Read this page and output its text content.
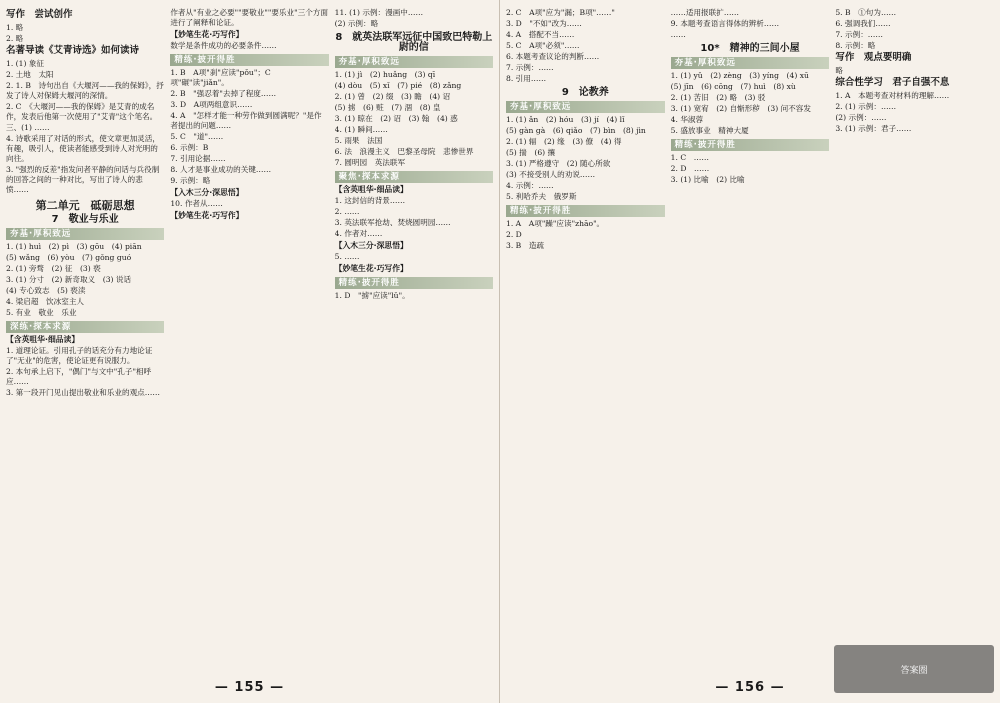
写作　尝试创作

1. 略

2. 略

名著导读《艾青诗选》如何读诗

1. (1) 象征

2. 土地　太阳

2. 1. B　诗句出自《大堰河——我的保姆》，抒发了诗人对保姆大堰河的深情。

2. C　《大堰河——我的保姆》是艾青的成名作，发表后他第一次使用了"艾青"这个笔名。

三、(1) ……

4. 诗歌采用了对话的形式，使文章更加灵活，有趣，吸引人，使读者能感受到诗人对光明的向往。

3. "强烈的反差"指发问者平静的问话与兵役制的回答之间的一种对比，写出了诗人的悲愤……

第二单元　砥砺思想
7　敬业与乐业
夯基·厚积致远

1. (1) huì　(2) pì　(3) gōu　(4) piān

(5) wǎng　(6) yòu　(7) gǒng guó

2. (1) 旁骛　(2) 征　(3) 亵

3. (1) 分寸　(2) 新奇取义　(3) 说话

(4) 专心致志　(5) 亵渎

4. 梁启超　饮冰室主人

5. 有业　敬业　乐业

深练·探本求源
【含英咀华·细品读】

1. 道理论证。引用孔子的话充分有力地论证了"无业"的危害，使论证更有说服力。

2. 本句承上启下，"偶门"与文中"孔子"相呼应……

3. 第一段开门见山提出敬业和乐业的观点……

作者从"有业之必要""要敬业""要乐业"三个方面进行了阐释和论证。

【妙笔生花·巧写作】

数学是条件成功的必要条件……

精练·披开得胜

1. B　A项"刹"应读"pǒu"；C项"碾"读"jiǎn"。

2. B　"强忍着"去掉了程度……

3. D　A项两组意识……

4. A　"怎样才能一种劳作做到圆满呢？"是作者提出的问题……

5. C　"道"……

6. 示例：B

7. 引用论据……

8. 人才是事业成功的关键……

9. 示例：略

【入木三分·深思悟】

10. 作者从……

【妙笔生花·巧写作】

11. (1) 示例：漫画中……

(2) 示例：略

8　就英法联军远征中国致巴特勒上尉的信
夯基·厚积致远

1. (1) jì　(2) huǎng　(3) qī

(4) dòu　(5) xǐ　(7) pié　(8) zǎng

2. (1) 曾　(2) 缀　(3) 瞻　(4) 诏

(5) 掳　(6) 赃　(7) 涸　(8) 皇

3. (1) 晾在　(2) 诏　(3) 翰　(4) 惑

4. (1) 瞬间……

5. 雨果　法国

6. 法　浪漫主义　巴黎圣母院　悲惨世界

7. 圆明园　英法联军

聚焦·探本求源
【含英咀华·细品读】

1. 这封信的背景……

2. ……

3. 英法联军抢劫、焚烧圆明园……

4. 作者对……

【入木三分·深思悟】

5. ……

【妙笔生花·巧写作】
精练·披开得胜

1. D　"掳"应读"lǔ"。

— 155 —

2. C　A项"应为"漏；B项"……"

3. D　"不如"改为……

4. A　搭配不当……

5. C　A项"必须"……

6. 本题考查议论的判断……

7. 示例：……

8. 引用……

9　论教养
夯基·厚积致远

1. (1) ǎn　(2) hóu　(3) jí　(4) lǐ

(5) gàn gà　(6) qiǎo　(7) bìn　(8) jìn

2. (1) 辐　(2) 缘　(3) 僚　(4) 得

(5) 揣　(6) 攘

3. (1) 严格遵守　(2) 随心所欲

(3) 不接受别人的劝说……

4. 示例：……

5. 利哈乔夫　俄罗斯

精练·披开得胜

1. A　A项"躁"应读"zhāo"。

2. D

3. B　造疏

……适用报联扩……

9. 本题考查语言得体的辨析……

……

10*　精神的三间小屋
夯基·厚积致远

1. (1) yǔ　(2) zèng　(3) yíng　(4) xū

(5) jīn　(6) cōng　(7) huì　(8) xù

2. (1) 苦旧　(2) 略　(3) 驳

3. (1) 宽宥　(2) 自惭形秽　(3) 问不容发

4. 华淑蓉

5. 盛放事业　精神大厦

精练·披开得胜

1. C　……

2. D　……

3. (1) 比喻　(2) 比喻

5. B　①句为……

6. 强调我们……

7. 示例：……

8. 示例：略

写作　观点要明确

略

综合性学习　君子自强不息

1. A　本题考查对材料的理解……

2. (1) 示例：……

(2) 示例：……

3. (1) 示例：君子……

— 156 —
答案圈
